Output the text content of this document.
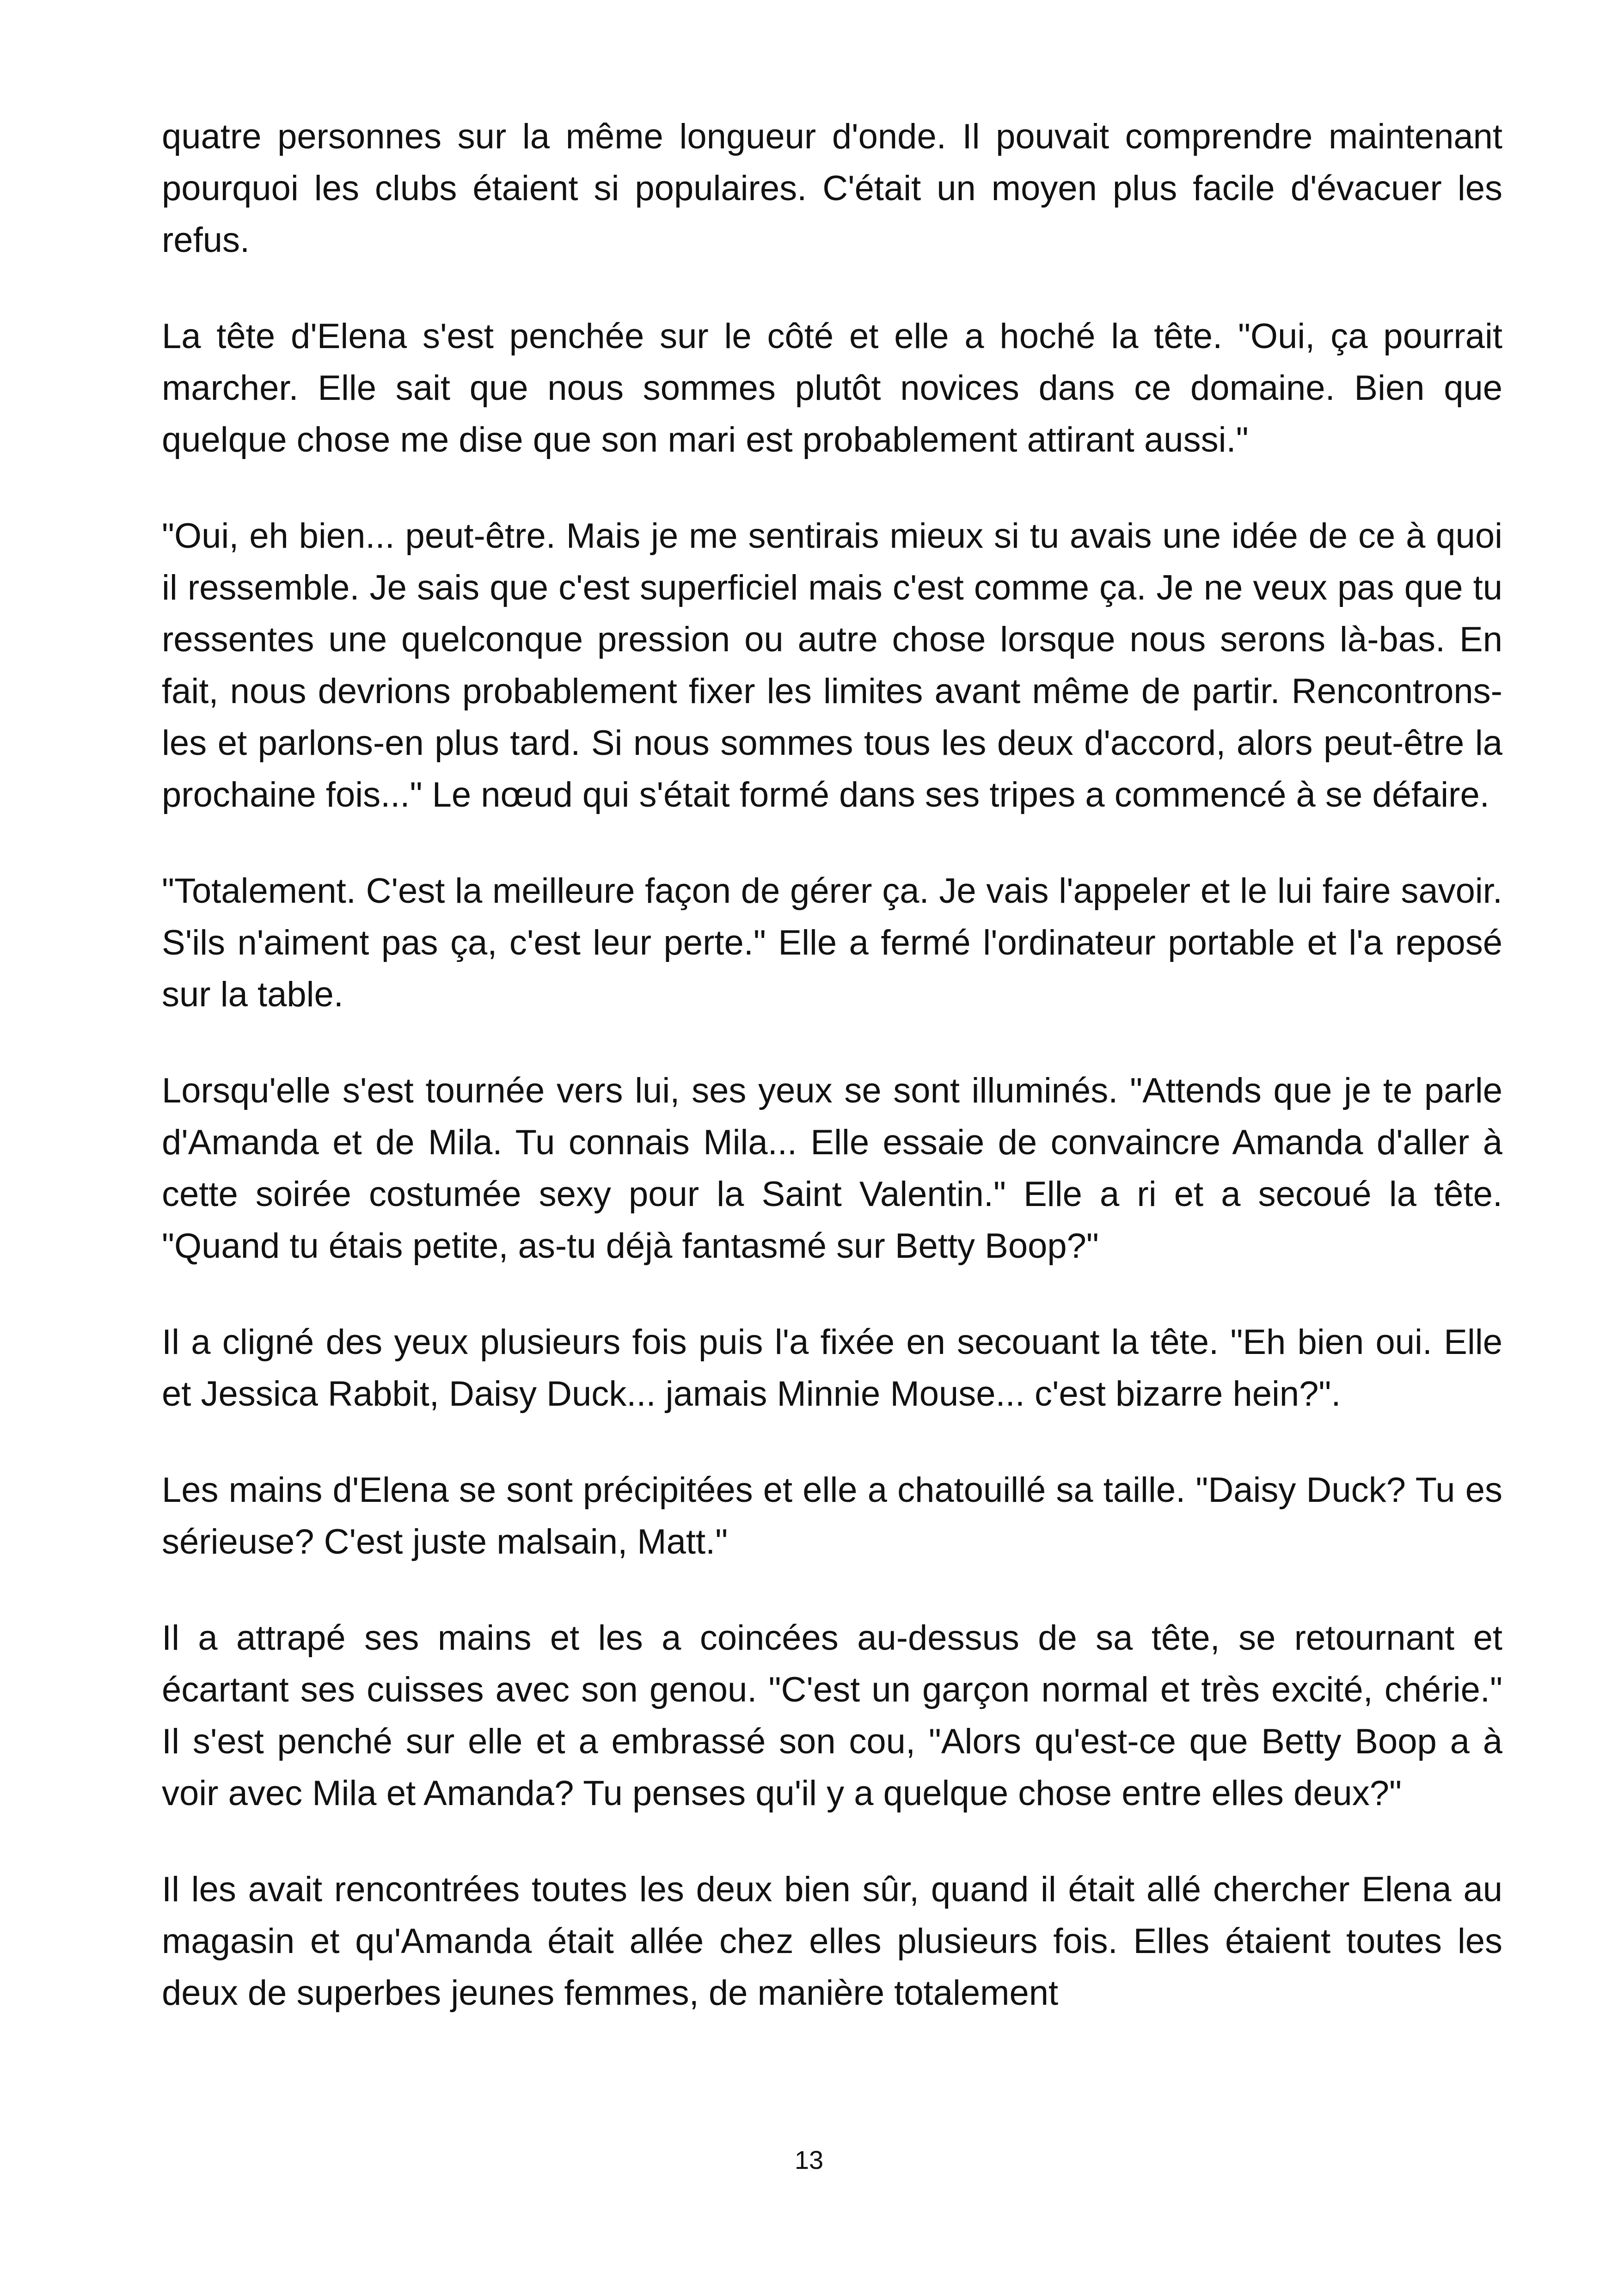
quatre personnes sur la même longueur d'onde. Il pouvait comprendre maintenant pourquoi les clubs étaient si populaires. C'était un moyen plus facile d'évacuer les refus.

La tête d'Elena s'est penchée sur le côté et elle a hoché la tête. "Oui, ça pourrait marcher. Elle sait que nous sommes plutôt novices dans ce domaine. Bien que quelque chose me dise que son mari est probablement attirant aussi."

"Oui, eh bien... peut-être. Mais je me sentirais mieux si tu avais une idée de ce à quoi il ressemble. Je sais que c'est superficiel mais c'est comme ça. Je ne veux pas que tu ressentes une quelconque pression ou autre chose lorsque nous serons là-bas. En fait, nous devrions probablement fixer les limites avant même de partir. Rencontrons-les et parlons-en plus tard. Si nous sommes tous les deux d'accord, alors peut-être la prochaine fois..." Le nœud qui s'était formé dans ses tripes a commencé à se défaire.

"Totalement. C'est la meilleure façon de gérer ça. Je vais l'appeler et le lui faire savoir. S'ils n'aiment pas ça, c'est leur perte." Elle a fermé l'ordinateur portable et l'a reposé sur la table.

Lorsqu'elle s'est tournée vers lui, ses yeux se sont illuminés. "Attends que je te parle d'Amanda et de Mila. Tu connais Mila... Elle essaie de convaincre Amanda d'aller à cette soirée costumée sexy pour la Saint Valentin." Elle a ri et a secoué la tête. "Quand tu étais petite, as-tu déjà fantasmé sur Betty Boop?"

Il a cligné des yeux plusieurs fois puis l'a fixée en secouant la tête. "Eh bien oui. Elle et Jessica Rabbit, Daisy Duck... jamais Minnie Mouse... c'est bizarre hein?".

Les mains d'Elena se sont précipitées et elle a chatouillé sa taille. "Daisy Duck? Tu es sérieuse? C'est juste malsain, Matt."

Il a attrapé ses mains et les a coincées au-dessus de sa tête, se retournant et écartant ses cuisses avec son genou. "C'est un garçon normal et très excité, chérie." Il s'est penché sur elle et a embrassé son cou, "Alors qu'est-ce que Betty Boop a à voir avec Mila et Amanda? Tu penses qu'il y a quelque chose entre elles deux?"

Il les avait rencontrées toutes les deux bien sûr, quand il était allé chercher Elena au magasin et qu'Amanda était allée chez elles plusieurs fois. Elles étaient toutes les deux de superbes jeunes femmes, de manière totalement

13
